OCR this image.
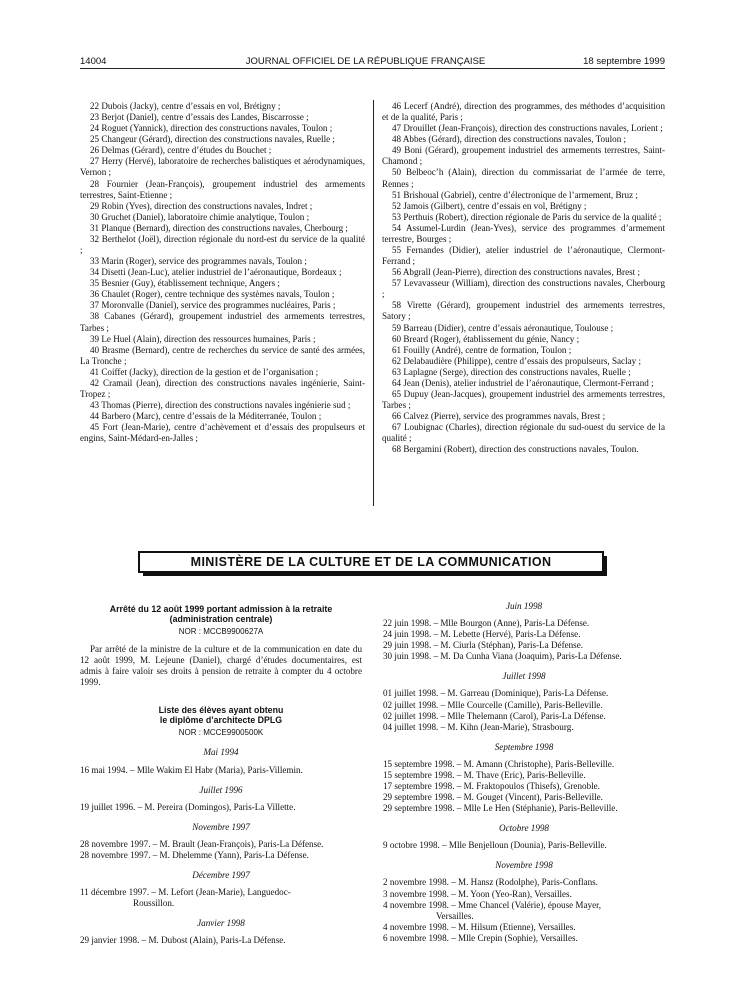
14004	JOURNAL OFFICIEL DE LA RÉPUBLIQUE FRANÇAISE	18 septembre 1999

22 Dubois (Jacky), centre d’essais en vol, Brétigny ;

23 Berjot (Daniel), centre d’essais des Landes, Biscarrosse ;

24 Roguet (Yannick), direction des constructions navales, Toulon ;

25 Changeur (Gérard), direction des constructions navales, Ruelle ;

26 Delmas (Gérard), centre d’études du Bouchet ;

27 Herry (Hervé), laboratoire de recherches balistiques et aérodynamiques, Vernon ;

28 Fournier (Jean-François), groupement industriel des armements terrestres, Saint-Etienne ;

29 Robin (Yves), direction des constructions navales, Indret ;

30 Gruchet (Daniel), laboratoire chimie analytique, Toulon ;

31 Planque (Bernard), direction des constructions navales, Cherbourg ;

32 Berthelot (Joël), direction régionale du nord-est du service de la qualité ;

33 Marin (Roger), service des programmes navals, Toulon ;

34 Disetti (Jean-Luc), atelier industriel de l’aéronautique, Bordeaux ;

35 Besnier (Guy), établissement technique, Angers ;

36 Chaulet (Roger), centre technique des systèmes navals, Toulon ;

37 Moronvalle (Daniel), service des programmes nucléaires, Paris ;

38 Cabanes (Gérard), groupement industriel des armements terrestres, Tarbes ;

39 Le Huel (Alain), direction des ressources humaines, Paris ;

40 Brasme (Bernard), centre de recherches du service de santé des armées, La Tronche ;

41 Coiffet (Jacky), direction de la gestion et de l’organisation ;

42 Cramail (Jean), direction des constructions navales ingénierie, Saint-Tropez ;

43 Thomas (Pierre), direction des constructions navales ingénierie sud ;

44 Barbero (Marc), centre d’essais de la Méditerranée, Toulon ;

45 Fort (Jean-Marie), centre d’achèvement et d’essais des propulseurs et engins, Saint-Médard-en-Jalles ;

46 Lecerf (André), direction des programmes, des méthodes d’acquisition et de la qualité, Paris ;

47 Drouillet (Jean-François), direction des constructions navales, Lorient ;

48 Abbes (Gérard), direction des constructions navales, Toulon ;

49 Boni (Gérard), groupement industriel des armements terrestres, Saint-Chamond ;

50 Belbeoc’h (Alain), direction du commissariat de l’armée de terre, Rennes ;

51 Brishoual (Gabriel), centre d’électronique de l’armement, Bruz ;

52 Jamois (Gilbert), centre d’essais en vol, Brétigny ;

53 Perthuis (Robert), direction régionale de Paris du service de la qualité ;

54 Assumel-Lurdin (Jean-Yves), service des programmes d’armement terrestre, Bourges ;

55 Fernandes (Didier), atelier industriel de l’aéronautique, Clermont-Ferrand ;

56 Abgrall (Jean-Pierre), direction des constructions navales, Brest ;

57 Levavasseur (William), direction des constructions navales, Cherbourg ;

58 Virette (Gérard), groupement industriel des armements terrestres, Satory ;

59 Barreau (Didier), centre d’essais aéronautique, Toulouse ;

60 Breard (Roger), établissement du génie, Nancy ;

61 Fouilly (André), centre de formation, Toulon ;

62 Delabaudière (Philippe), centre d’essais des propulseurs, Saclay ;

63 Laplagne (Serge), direction des constructions navales, Ruelle ;

64 Jean (Denis), atelier industriel de l’aéronautique, Clermont-Ferrand ;

65 Dupuy (Jean-Jacques), groupement industriel des armements terrestres, Tarbes ;

66 Calvez (Pierre), service des programmes navals, Brest ;

67 Loubignac (Charles), direction régionale du sud-ouest du service de la qualité ;

68 Bergamini (Robert), direction des constructions navales, Toulon.

MINISTÈRE DE LA CULTURE ET DE LA COMMUNICATION
Arrêté du 12 août 1999 portant admission à la retraite
(administration centrale)
NOR : MCCB9900627A
Par arrêté de la ministre de la culture et de la communication en date du 12 août 1999, M. Lejeune (Daniel), chargé d’études documentaires, est admis à faire valoir ses droits à pension de retraite à compter du 4 octobre 1999.
Liste des élèves ayant obtenu
le diplôme d’architecte DPLG
NOR : MCCE9900500K
Mai 1994
16 mai 1994. – Mlle Wakim El Habr (Maria), Paris-Villemin.
Juillet 1996
19 juillet 1996. – M. Pereira (Domingos), Paris-La Villette.
Novembre 1997
28 novembre 1997. – M. Brault (Jean-François), Paris-La Défense.
28 novembre 1997. – M. Dhelemme (Yann), Paris-La Défense.
Décembre 1997
11 décembre 1997. – M. Lefort (Jean-Marie), Languedoc-
Roussillon.
Janvier 1998
29 janvier 1998. – M. Dubost (Alain), Paris-La Défense.
Juin 1998
22 juin 1998. – Mlle Bourgon (Anne), Paris-La Défense.
24 juin 1998. – M. Lebette (Hervé), Paris-La Défense.
29 juin 1998. – M. Ciurla (Stéphan), Paris-La Défense.
30 juin 1998. – M. Da Cunha Viana (Joaquim), Paris-La Défense.
Juillet 1998
01 juillet 1998. – M. Garreau (Dominique), Paris-La Défense.
02 juillet 1998. – Mlle Courcelle (Camille), Paris-Belleville.
02 juillet 1998. – Mlle Thelemann (Carol), Paris-La Défense.
04 juillet 1998. – M. Kihn (Jean-Marie), Strasbourg.
Septembre 1998
15 septembre 1998. – M. Amann (Christophe), Paris-Belleville.
15 septembre 1998. – M. Thave (Eric), Paris-Belleville.
17 septembre 1998. – M. Fraktopoulos (Thisefs), Grenoble.
29 septembre 1998. – M. Gouget (Vincent), Paris-Belleville.
29 septembre 1998. – Mlle Le Hen (Stéphanie), Paris-Belleville.
Octobre 1998
9 octobre 1998. – Mlle Benjelloun (Dounia), Paris-Belleville.
Novembre 1998
2 novembre 1998. – M. Hansz (Rodolphe), Paris-Conflans.
3 novembre 1998. – M. Yoon (Yeo-Ran), Versailles.
4 novembre 1998. – Mme Chancel (Valérie), épouse Mayer,
Versailles.
4 novembre 1998. – M. Hilsum (Etienne), Versailles.
6 novembre 1998. – Mlle Crepin (Sophie), Versailles.
